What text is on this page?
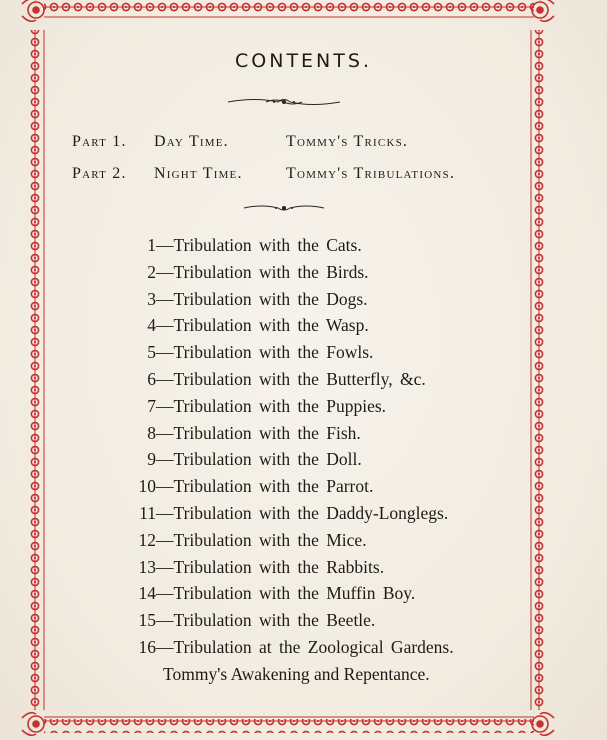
CONTENTS.
Part 1. Day Time.	Tommy's Tricks.
Part 2. Night Time.	Tommy's Tribulations.
1—Tribulation with the Cats.
2—Tribulation with the Birds.
3—Tribulation with the Dogs.
4—Tribulation with the Wasp.
5—Tribulation with the Fowls.
6—Tribulation with the Butterfly, &c.
7—Tribulation with the Puppies.
8—Tribulation with the Fish.
9—Tribulation with the Doll.
10—Tribulation with the Parrot.
11—Tribulation with the Daddy-Longlegs.
12—Tribulation with the Mice.
13—Tribulation with the Rabbits.
14—Tribulation with the Muffin Boy.
15—Tribulation with the Beetle.
16—Tribulation at the Zoological Gardens.
Tommy's Awakening and Repentance.
